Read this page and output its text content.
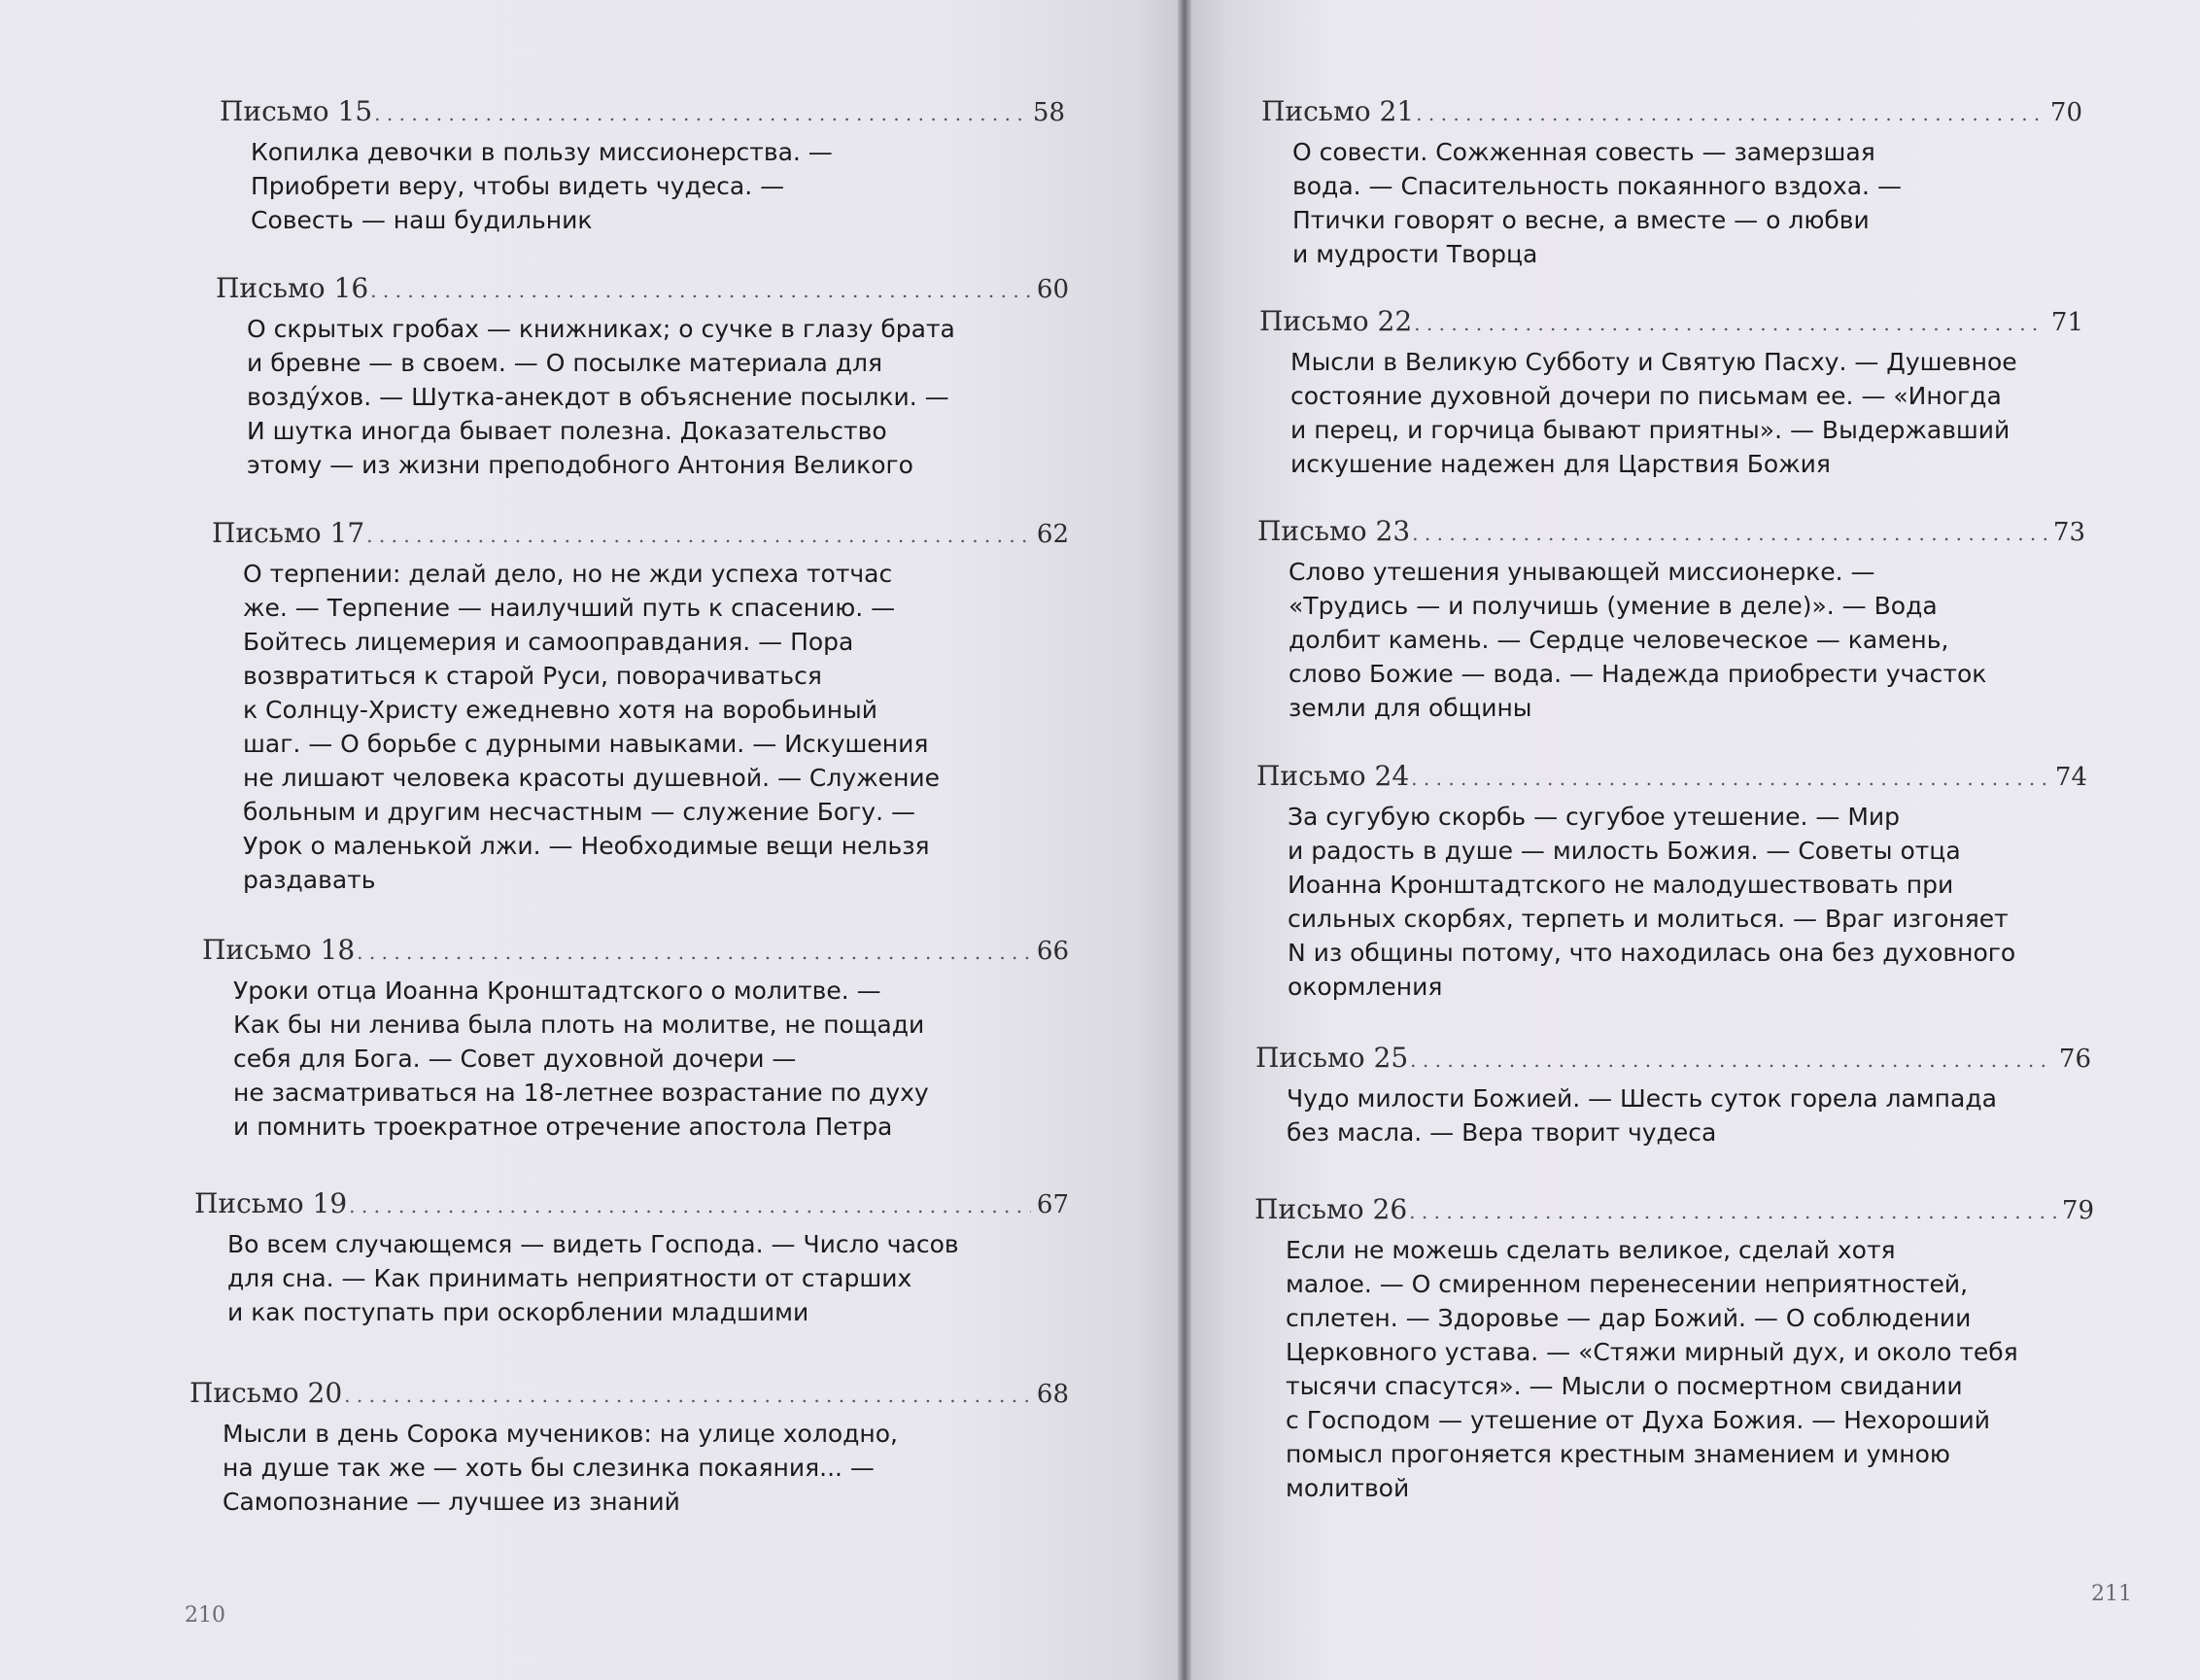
Письмо 15 . . .	58
Копилка девочки в пользу миссионерства. —
Приобрети веру, чтобы видеть чудеса. —
Совесть — наш будильник
Письмо 16 . . .	60
О скрытых гробах — книжниках; о сучке в глазу брата
и бревне — в своем. — О посылке материала для
воздýхов. — Шутка-анекдот в объяснение посылки. —
И шутка иногда бывает полезна. Доказательство
этому — из жизни преподобного Антония Великого
Письмо 17 . . .	62
О терпении: делай дело, но не жди успеха тотчас
же. — Терпение — наилучший путь к спасению. —
Бойтесь лицемерия и самооправдания. — Пора
возвратиться к старой Руси, поворачиваться
к Солнцу-Христу ежедневно хотя на воробьиный
шаг. — О борьбе с дурными навыками. — Искушения
не лишают человека красоты душевной. — Служение
больным и другим несчастным — служение Богу. —
Урок о маленькой лжи. — Необходимые вещи нельзя
раздавать
Письмо 18 . . .	66
Уроки отца Иоанна Кронштадтского о молитве. —
Как бы ни ленива была плоть на молитве, не пощади
себя для Бога. — Совет духовной дочери —
не засматриваться на 18-летнее возрастание по духу
и помнить троекратное отречение апостола Петра
Письмо 19 . . .	67
Во всем случающемся — видеть Господа. — Число часов
для сна. — Как принимать неприятности от старших
и как поступать при оскорблении младшими
Письмо 20 . . .	68
Мысли в день Сорока мучеников: на улице холодно,
на душе так же — хоть бы слезинка покаяния... —
Самопознание — лучшее из знаний
210
Письмо 21 . . .	70
О совести. Сожженная совесть — замерзшая
вода. — Спасительность покаянного вздоха. —
Птички говорят о весне, а вместе — о любви
и мудрости Творца
Письмо 22 . . .	71
Мысли в Великую Субботу и Святую Пасху. — Душевное
состояние духовной дочери по письмам ее. — «Иногда
и перец, и горчица бывают приятны». — Выдержавший
искушение надежен для Царствия Божия
Письмо 23 . . .	73
Слово утешения унывающей миссионерке. —
«Трудись — и получишь (умение в деле)». — Вода
долбит камень. — Сердце человеческое — камень,
слово Божие — вода. — Надежда приобрести участок
земли для общины
Письмо 24 . . .	74
За сугубую скорбь — сугубое утешение. — Мир
и радость в душе — милость Божия. — Советы отца
Иоанна Кронштадтского не малодушествовать при
сильных скорбях, терпеть и молиться. — Враг изгоняет
N из общины потому, что находилась она без духовного
окормления
Письмо 25 . . .	76
Чудо милости Божией. — Шесть суток горела лампада
без масла. — Вера творит чудеса
Письмо 26 . . .	79
Если не можешь сделать великое, сделай хотя
малое. — О смиренном перенесении неприятностей,
сплетен. — Здоровье — дар Божий. — О соблюдении
Церковного устава. — «Стяжи мирный дух, и около тебя
тысячи спасутся». — Мысли о посмертном свидании
с Господом — утешение от Духа Божия. — Нехороший
помысл прогоняется крестным знамением и умною
молитвой
211
